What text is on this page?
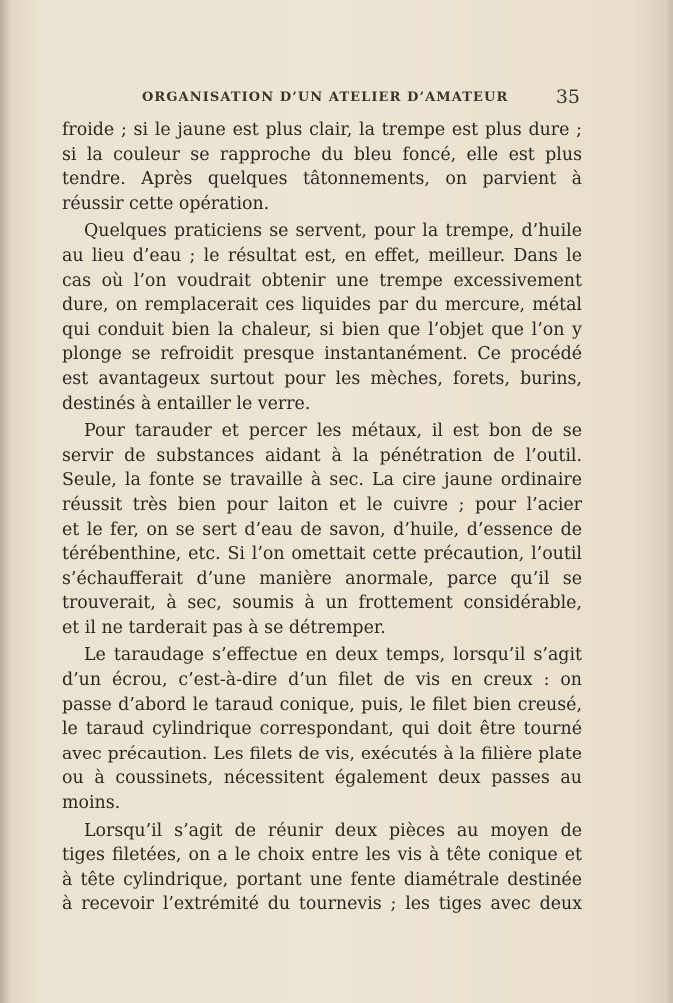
ORGANISATION D’UN ATELIER D’AMATEUR 35

froide ; si le jaune est plus clair, la trempe est plus dure ;
si la couleur se rapproche du bleu foncé, elle est plus
tendre. Après quelques tâtonnements, on parvient à
réussir cette opération.

Quelques praticiens se servent, pour la trempe, d’huile
au lieu d’eau ; le résultat est, en effet, meilleur. Dans le
cas où l’on voudrait obtenir une trempe excessivement
dure, on remplacerait ces liquides par du mercure, métal
qui conduit bien la chaleur, si bien que l’objet que l’on y
plonge se refroidit presque instantanément. Ce procédé
est avantageux surtout pour les mèches, forets, burins,
destinés à entailler le verre.

Pour tarauder et percer les métaux, il est bon de se
servir de substances aidant à la pénétration de l’outil.
Seule, la fonte se travaille à sec. La cire jaune ordinaire
réussit très bien pour laiton et le cuivre ; pour l’acier
et le fer, on se sert d’eau de savon, d’huile, d’essence de
térébenthine, etc. Si l’on omettait cette précaution, l’outil
s’échaufferait d’une manière anormale, parce qu’il se
trouverait, à sec, soumis à un frottement considérable,
et il ne tarderait pas à se détremper.

Le taraudage s’effectue en deux temps, lorsqu’il s’agit
d’un écrou, c’est-à-dire d’un filet de vis en creux : on
passe d’abord le taraud conique, puis, le filet bien creusé,
le taraud cylindrique correspondant, qui doit être tourné
avec précaution. Les filets de vis, exécutés à la filière plate
ou à coussinets, nécessitent également deux passes au
moins.

Lorsqu’il s’agit de réunir deux pièces au moyen de
tiges filetées, on a le choix entre les vis à tête conique et
à tête cylindrique, portant une fente diamétrale destinée
à recevoir l’extrémité du tournevis ; les tiges avec deux
